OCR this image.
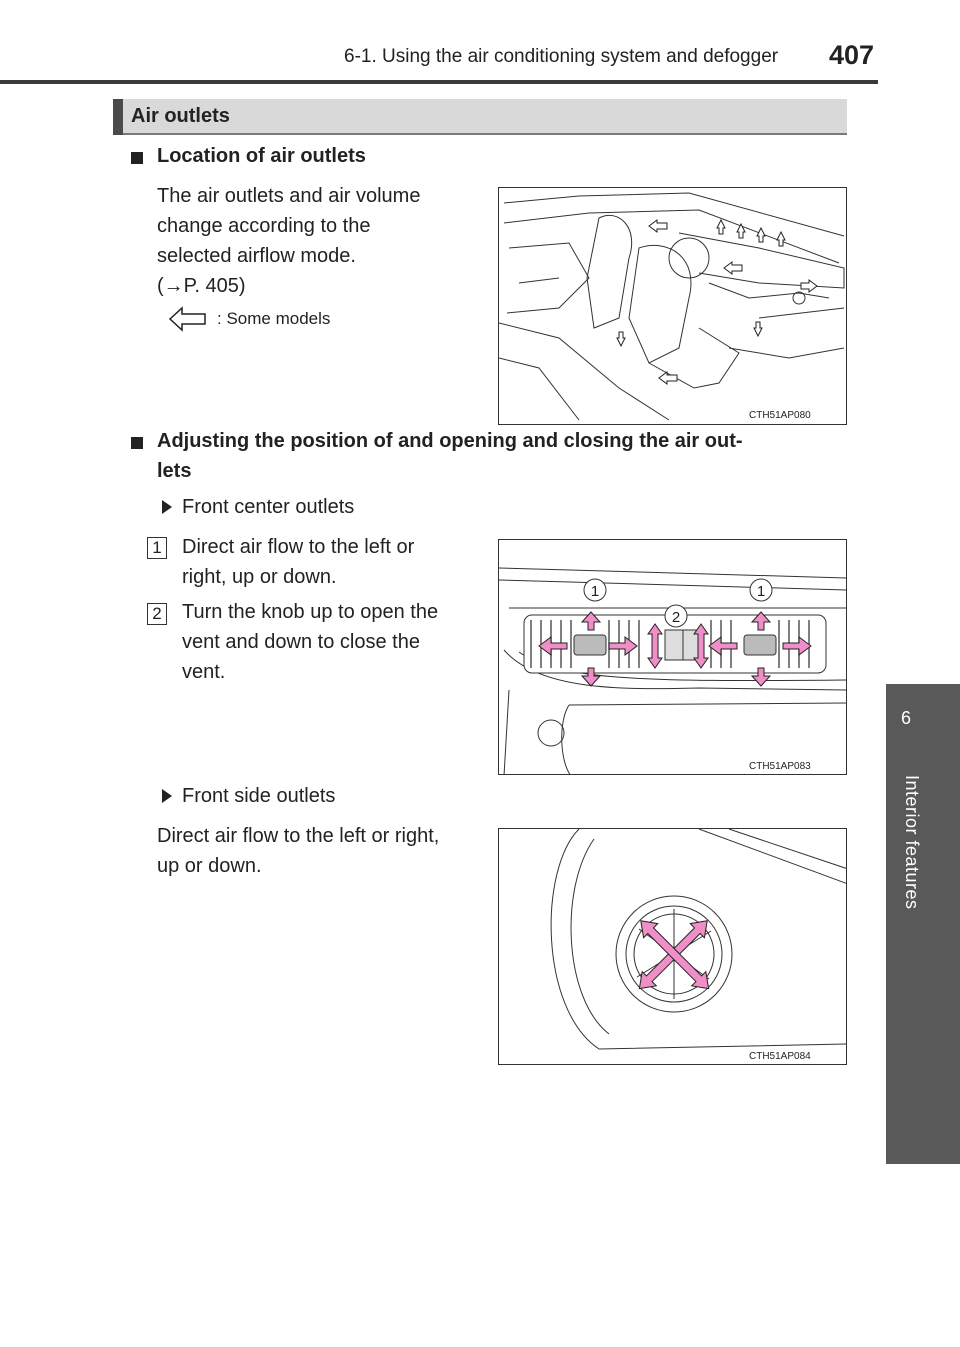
6-1. Using the air conditioning system and defogger 407
6
Interior features
Air outlets
Location of air outlets
The air outlets and air volume
change according to the
selected airflow mode.
(→P. 405)
: Some models
CTH51AP080
Adjusting the position of and opening and closing the air out-
lets
Front center outlets
1 Direct air flow to the left or
right, up or down.
2 Turn the knob up to open the
vent and down to close the
vent.
1	1
2
CTH51AP083
Front side outlets
Direct air flow to the left or right,
up or down.
CTH51AP084
